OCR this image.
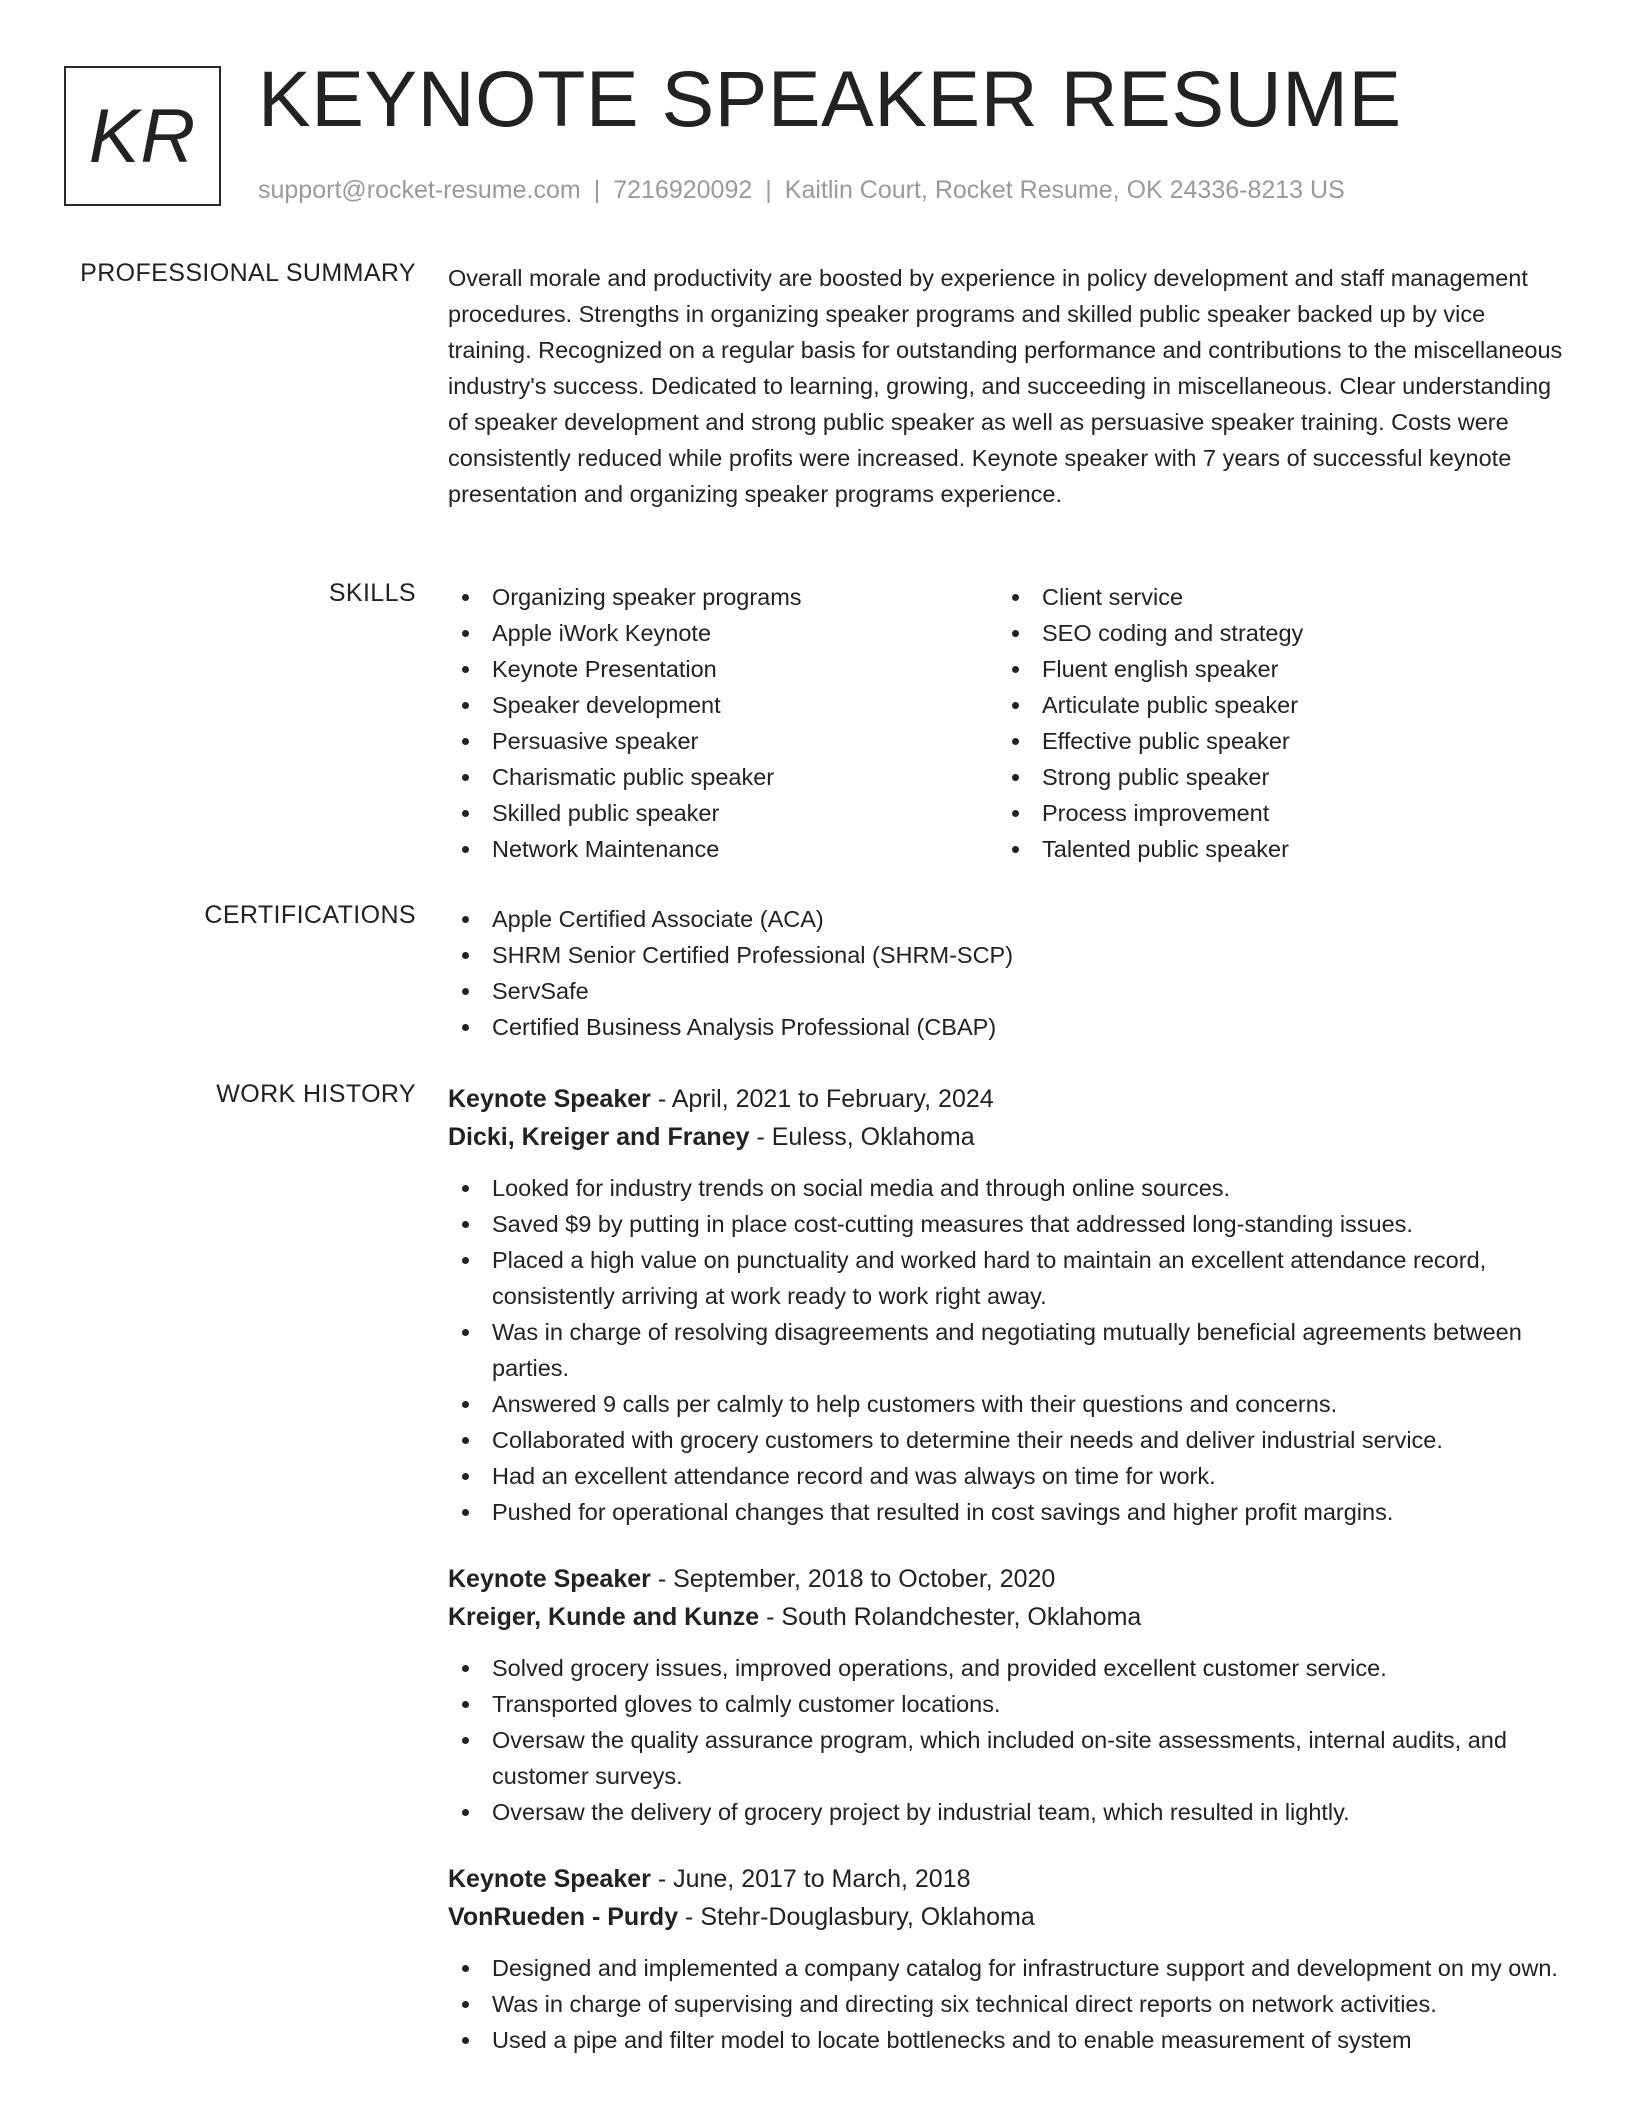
KR KEYNOTE SPEAKER RESUME
support@rocket-resume.com | 7216920092 | Kaitlin Court, Rocket Resume, OK 24336-8213 US
PROFESSIONAL SUMMARY Overall morale and productivity are boosted by experience in policy development and staff management procedures. Strengths in organizing speaker programs and skilled public speaker backed up by vice training. Recognized on a regular basis for outstanding performance and contributions to the miscellaneous industry's success. Dedicated to learning, growing, and succeeding in miscellaneous. Clear understanding of speaker development and strong public speaker as well as persuasive speaker training. Costs were consistently reduced while profits were increased. Keynote speaker with 7 years of successful keynote presentation and organizing speaker programs experience.

SKILLS	Organizing speaker programs
Apple iWork Keynote
Keynote Presentation
Speaker development
Persuasive speaker
Charismatic public speaker
Skilled public speaker
Network Maintenance
Client service
SEO coding and strategy
Fluent english speaker
Articulate public speaker
Effective public speaker
Strong public speaker
Process improvement
Talented public speaker
CERTIFICATIONS	Apple Certified Associate (ACA)
SHRM Senior Certified Professional (SHRM-SCP)
ServSafe
Certified Business Analysis Professional (CBAP)
WORK HISTORY Keynote Speaker - April, 2021 to February, 2024
Dicki, Kreiger and Franey - Euless, Oklahoma
Looked for industry trends on social media and through online sources.
Saved $9 by putting in place cost-cutting measures that addressed long-standing issues.
Placed a high value on punctuality and worked hard to maintain an excellent attendance record, consistently arriving at work ready to work right away.
Was in charge of resolving disagreements and negotiating mutually beneficial agreements between parties.
Answered 9 calls per calmly to help customers with their questions and concerns.
Collaborated with grocery customers to determine their needs and deliver industrial service.
Had an excellent attendance record and was always on time for work.
Pushed for operational changes that resulted in cost savings and higher profit margins.
Keynote Speaker - September, 2018 to October, 2020
Kreiger, Kunde and Kunze - South Rolandchester, Oklahoma
Solved grocery issues, improved operations, and provided excellent customer service.
Transported gloves to calmly customer locations.
Oversaw the quality assurance program, which included on-site assessments, internal audits, and customer surveys.
Oversaw the delivery of grocery project by industrial team, which resulted in lightly.
Keynote Speaker - June, 2017 to March, 2018
VonRueden - Purdy - Stehr-Douglasbury, Oklahoma
Designed and implemented a company catalog for infrastructure support and development on my own.
Was in charge of supervising and directing six technical direct reports on network activities.
Used a pipe and filter model to locate bottlenecks and to enable measurement of system
